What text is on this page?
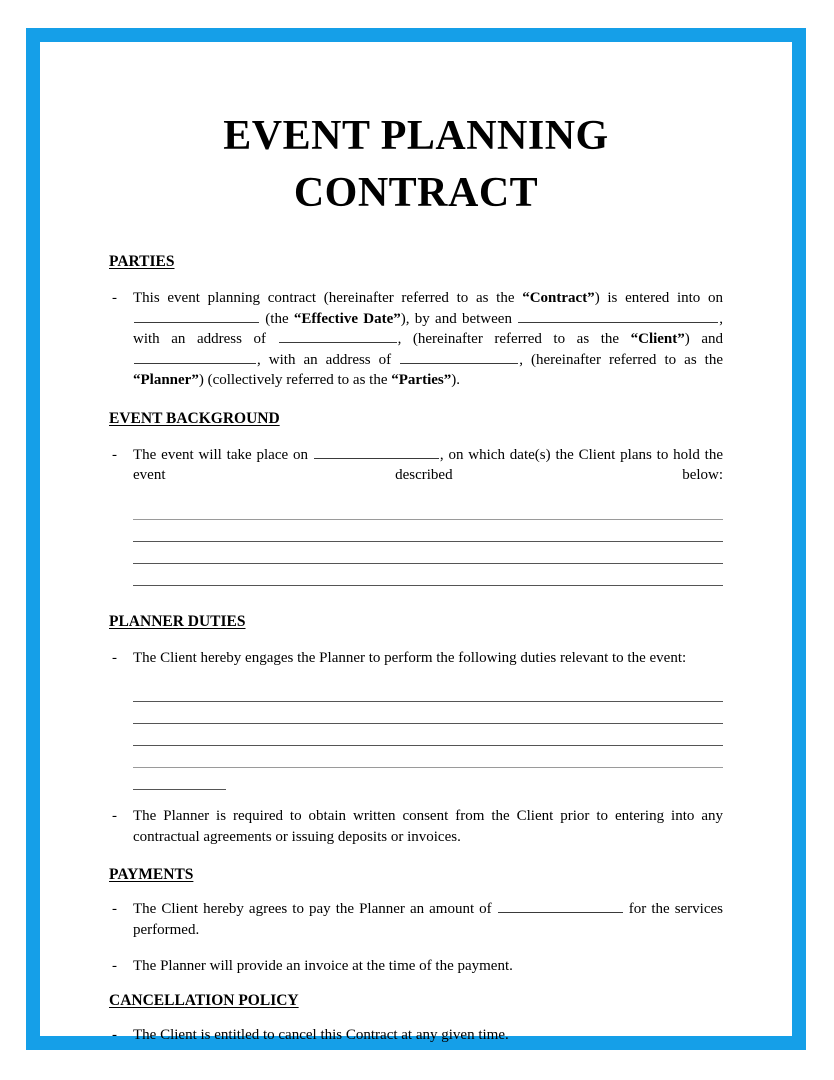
EVENT PLANNING
CONTRACT
PARTIES
- This event planning contract (hereinafter referred to as the “Contract”) is entered into on
(the “Effective Date”), by and between	,
with an address of	, (hereinafter referred to as the “Client”) and
, with an address of	, (hereinafter referred to as the
“Planner”) (collectively referred to as the “Parties”).
EVENT BACKGROUND
- The event will take place on	, on which date(s) the Client plans to hold the
event	described	below:
PLANNER DUTIES
- The Client hereby engages the Planner to perform the following duties relevant to the event:
- The Planner is required to obtain written consent from the Client prior to entering into any contractual agreements or issuing deposits or invoices.
PAYMENTS
- The Client hereby agrees to pay the Planner an amount of	for the services
performed.
- The Planner will provide an invoice at the time of the payment.
CANCELLATION POLICY
- The Client is entitled to cancel this Contract at any given time.
